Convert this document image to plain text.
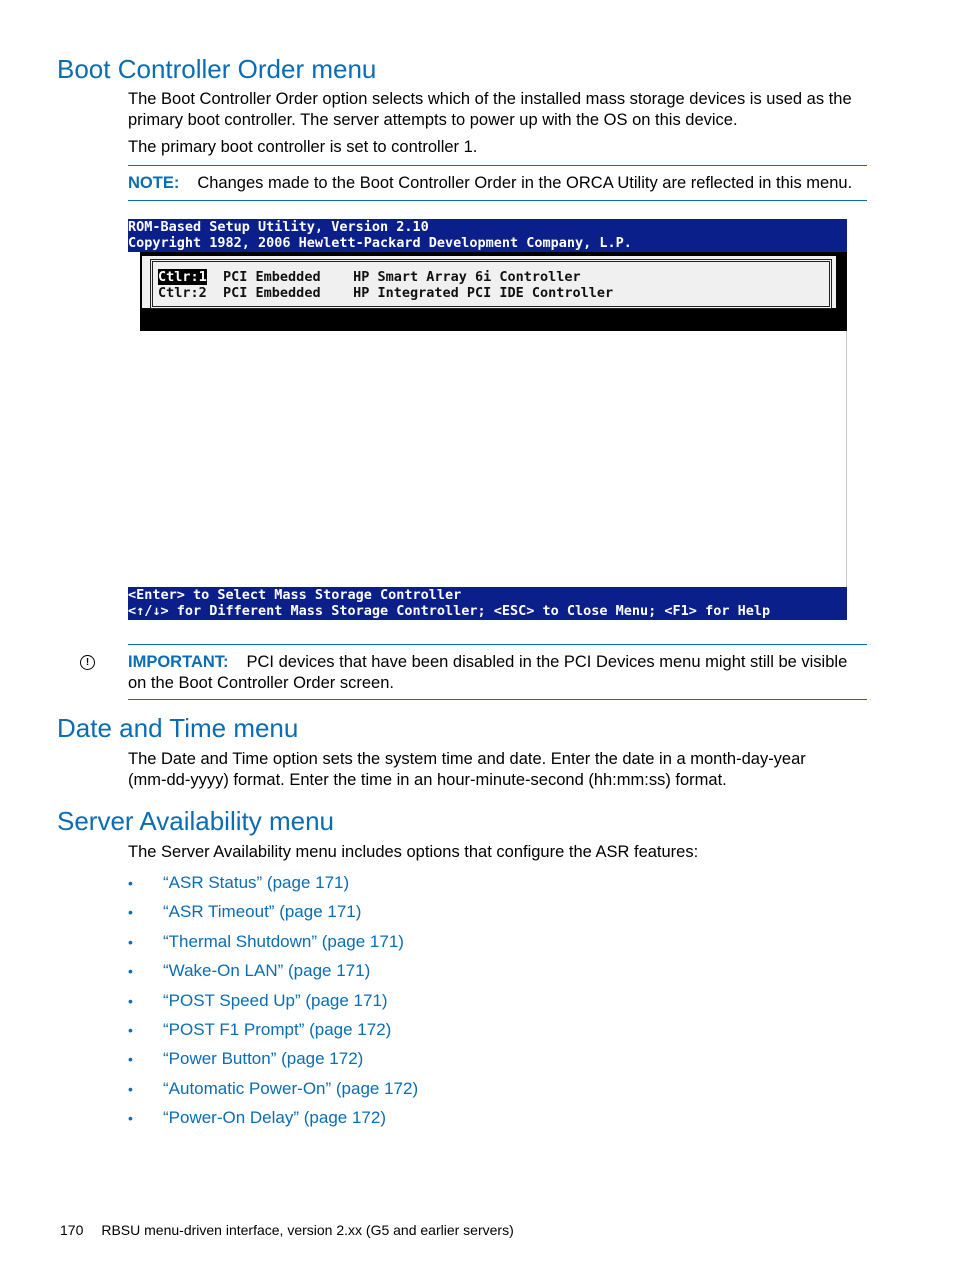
Boot Controller Order menu

The Boot Controller Order option selects which of the installed mass storage devices is used as the primary boot controller. The server attempts to power up with the OS on this device.

The primary boot controller is set to controller 1.

NOTE: Changes made to the Boot Controller Order in the ORCA Utility are reflected in this menu.

ROM-Based Setup Utility, Version 2.10
Copyright 1982, 2006 Hewlett-Packard Development Company, L.P.
Ctlr:1  PCI Embedded    HP Smart Array 6i Controller
Ctlr:2  PCI Embedded    HP Integrated PCI IDE Controller
<Enter> to Select Mass Storage Controller
<↑/↓> for Different Mass Storage Controller; <ESC> to Close Menu; <F1> for Help
!	IMPORTANT: PCI devices that have been disabled in the PCI Devices menu might still be visible on the Boot Controller Order screen.

Date and Time menu

The Date and Time option sets the system time and date. Enter the date in a month-day-year (mm-dd-yyyy) format. Enter the time in an hour-minute-second (hh:mm:ss) format.

Server Availability menu

The Server Availability menu includes options that configure the ASR features:

• “ASR Status” (page 171)
• “ASR Timeout” (page 171)
• “Thermal Shutdown” (page 171)
• “Wake-On LAN” (page 171)
• “POST Speed Up” (page 171)
• “POST F1 Prompt” (page 172)
• “Power Button” (page 172)
• “Automatic Power-On” (page 172)
• “Power-On Delay” (page 172)
170 RBSU menu-driven interface, version 2.xx (G5 and earlier servers)
